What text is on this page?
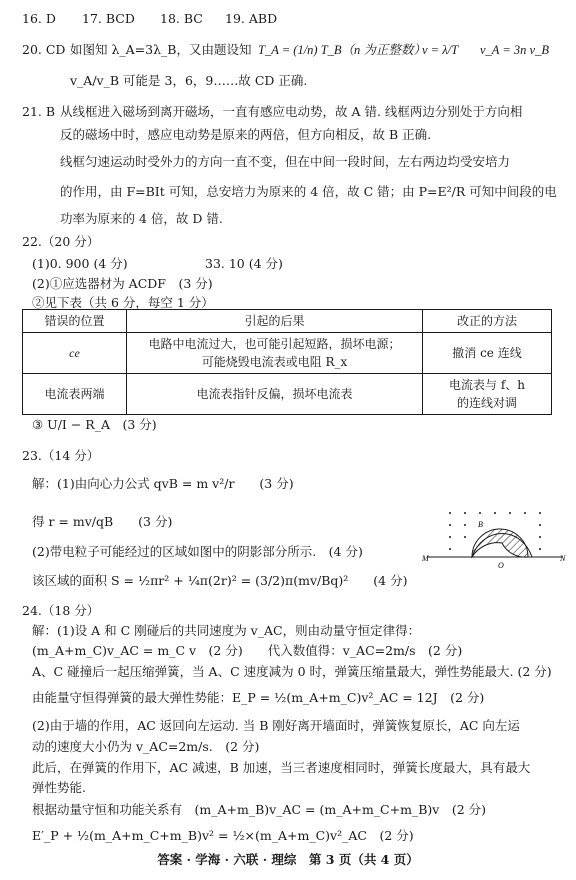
16. D 17. BCD 18. BC 19. ABD
20. CD 如图知 λ_A=3λ_B，又由题设知 T_A = (1/n) T_B（n 为正整数）
v = λ/T v_A = 3n v_B
v_A/v_B 可能是 3，6，9……故 CD 正确.
21. B 从线框进入磁场到离开磁场，一直有感应电动势，故 A 错. 线框两边分别处于方向相
反的磁场中时，感应电动势是原来的两倍，但方向相反，故 B 正确.
线框匀速运动时受外力的方向一直不变，但在中间一段时间，左右两边均受安培力
的作用，由 F=BIt 可知，总安培力为原来的 4 倍，故 C 错；由 P=E²/R 可知中间段的电
功率为原来的 4 倍，故 D 错.
22.（20 分）
(1)0. 900 (4 分)	33. 10 (4 分)
(2)①应选器材为 ACDF　(3 分)
②见下表（共 6 分，每空 1 分）
错误的位置	引起的后果	改正的方法
ce	电路中电流过大，也可能引起短路，损坏电源；
可能烧毁电流表或电阻 R_x	撤消 ce 连线
电流表两端	电流表指针反偏，损坏电流表	电流表与 f、h
的连线对调
③ U/I − R_A　(3 分)
23.（14 分）
解：(1)由向心力公式 qvB = m v²/r　　(3 分)
得 r = mv/qB　　(3 分)
(2)带电粒子可能经过的区域如图中的阴影部分所示.　(4 分)
该区域的面积 S = ½πr² + ¼π(2r)² = (3/2)π(mv/Bq)²　　(4 分)
M	N
O
B
24.（18 分）
解：(1)设 A 和 C 刚碰后的共同速度为 v_AC，则由动量守恒定律得：
(m_A+m_C)v_AC = m_C v　(2 分)　　代入数值得：v_AC=2m/s　(2 分)
A、C 碰撞后一起压缩弹簧，当 A、C 速度减为 0 时，弹簧压缩量最大，弹性势能最大. (2 分)
由能量守恒得弹簧的最大弹性势能：E_P = ½(m_A+m_C)v²_AC = 12J　(2 分)
(2)由于墙的作用，AC 返回向左运动. 当 B 刚好离开墙面时，弹簧恢复原长，AC 向左运
动的速度大小仍为 v_AC=2m/s.　(2 分)
此后，在弹簧的作用下，AC 减速，B 加速，当三者速度相同时，弹簧长度最大，具有最大
弹性势能.
根据动量守恒和功能关系有　(m_A+m_B)v_AC = (m_A+m_C+m_B)v　(2 分)
E′_P + ½(m_A+m_C+m_B)v² = ½×(m_A+m_C)v²_AC　(2 分)
答案 · 学海 · 六联 · 理综　第 3 页（共 4 页）
